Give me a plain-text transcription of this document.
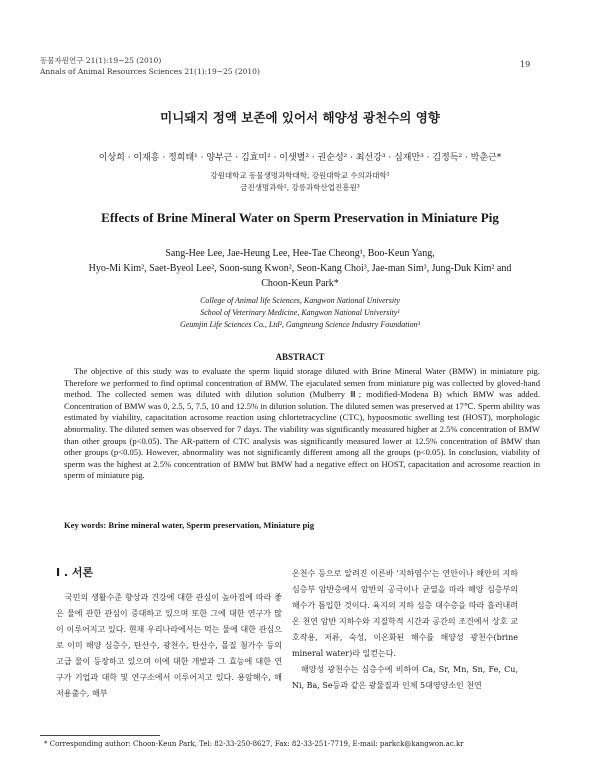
동물자원연구 21(1):19~25 (2010)
Annals of Animal Resources Sciences 21(1):19~25 (2010)
19
미니돼지 정액 보존에 있어서 해양성 광천수의 영향
이상희 · 이재흥 · 정희태¹ · 양부근 · 김효미² · 이샛별² · 권순성² · 최선강³ · 심재만³ · 김정득² · 박춘근*
강원대학교 동물생명과학대학, 강원대학교 수의과대학¹
금진생명과학², 강릉과학산업진흥원³
Effects of Brine Mineral Water on Sperm Preservation in Miniature Pig
Sang-Hee Lee, Jae-Heung Lee, Hee-Tae Cheong¹, Boo-Keun Yang,
Hyo-Mi Kim², Saet-Byeol Lee², Soon-sung Kwon², Seon-Kang Choi³, Jae-man Sim³, Jung-Duk Kim² and
Choon-Keun Park*
College of Animal life Sciences, Kangwon National University
School of Veterinary Medicine, Kangwon National University¹
Geumjin Life Sciences Co., Ltd², Gangneung Science Industry Foundation³
ABSTRACT
The objective of this study was to evaluate the sperm liquid storage diluted with Brine Mineral Water (BMW) in miniature pig. Therefore we performed to find optimal concentration of BMW. The ejaculated semen from miniature pig was collected by gloved-hand method. The collected semen was diluted with dilution solution (Mulberry Ⅲ; modified-Modena B) which BMW was added. Concentration of BMW was 0, 2.5, 5, 7.5, 10 and 12.5% in dilution solution. The diluted semen was preserved at 17℃. Sperm ability was estimated by viability, capacitation acrosome reaction using chlortetracycline (CTC), hypoosmotic swelling test (HOST), morphologic abnormality. The diluted semen was observed for 7 days. The viability was significantly measured higher at 2.5% concentration of BMW than other groups (p<0.05). The AR-pattern of CTC analysis was significantly measured lower at 12.5% concentration of BMW than other groups (p<0.05). However, abnormality was not significantly different among all the groups (p<0.05). In conclusion, viability of sperm was the highest at 2.5% concentration of BMW but BMW had a negative effect on HOST, capacitation and acrosome reaction in sperm of miniature pig.
Key words: Brine mineral water, Sperm preservation, Miniature pig
I . 서론

국민의 생활수준 향상과 건강에 대한 관심이 높아짐에 따라 좋은 물에 관한 관심이 증대하고 있으며 또한 그에 대한 연구가 많이 이루어지고 있다. 현재 우리나라에서는 먹는 물에 대한 관심으로 이미 해양 심층수, 탄산수, 광천수, 탄산수, 몰질 첨가수 등의 고급 물이 등장하고 있으며 이에 대한 개발과 그 효능에 대한 연구가 기업과 대학 및 연구소에서 이루어지고 있다. 용암해수, 해저용출수, 해부

온천수 등으로 알려진 이른바 '지하염수'는 연안이나 해안의 지하 심층부 암반층에서 암반의 공극이나 균열을 따라 해양 심층부의 해수가 틈입한 것이다. 육지의 지하 심층 대수층을 따라 흘러내려온 천연 암반 지하수와 지질학적 시간과 공간의 조건에서 상호 교호작용, 저류, 숙성, 이온화된 해수를 해양성 광천수(brine mineral water)라 일컫는다.

해양성 광천수는 심층수에 비하여 Ca, Sr, Mn, Sn, Fe, Cu, Ni, Ba, Se등과 같은 광물질과 인체 5대영양소인 천연

* Corresponding author: Choon-Keun Park, Tel: 82-33-250-8627, Fax: 82-33-251-7719, E-mail: parkck@kangwon.ac.kr
